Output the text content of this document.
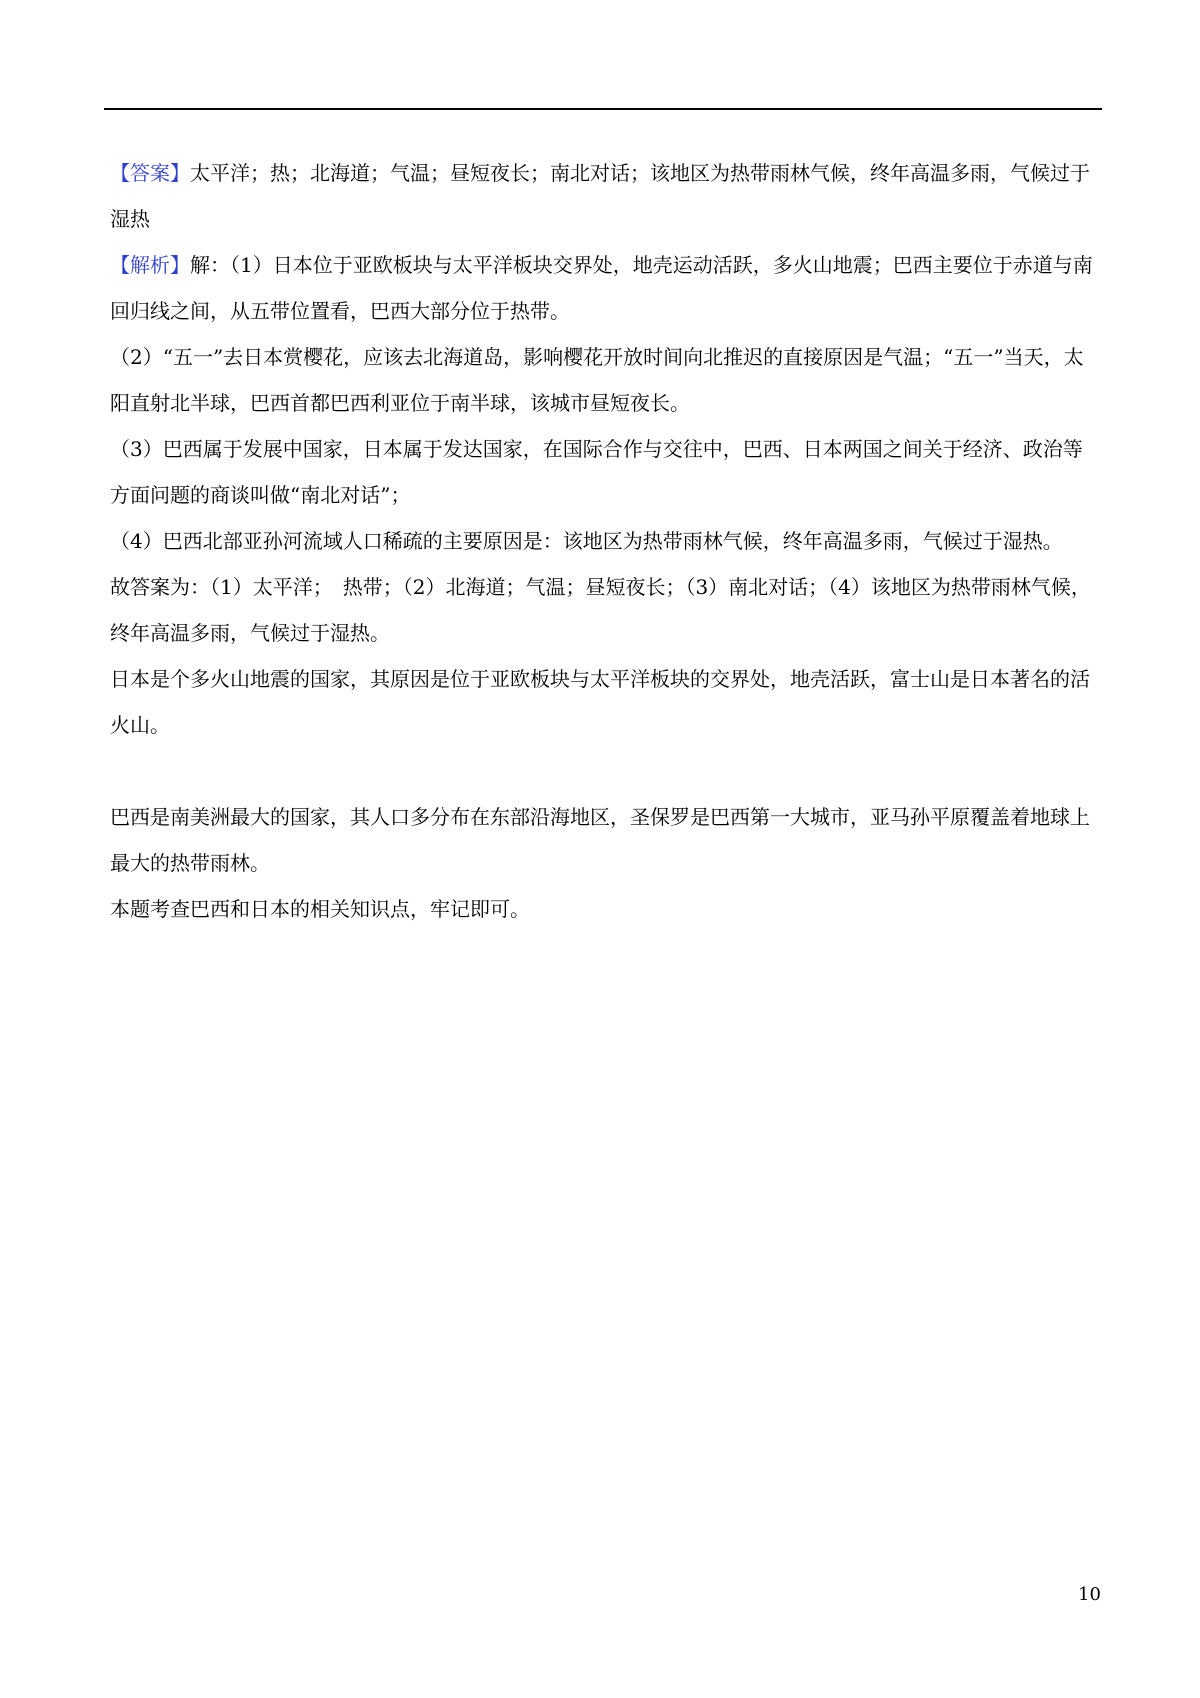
【答案】太平洋；热；北海道；气温；昼短夜长；南北对话；该地区为热带雨林气候，终年高温多雨，气候过于湿热

【解析】解：（1）日本位于亚欧板块与太平洋板块交界处，地壳运动活跃，多火山地震；巴西主要位于赤道与南回归线之间，从五带位置看，巴西大部分位于热带。

（2）“五一”去日本赏樱花，应该去北海道岛，影响樱花开放时间向北推迟的直接原因是气温；“五一”当天，太阳直射北半球，巴西首都巴西利亚位于南半球，该城市昼短夜长。

（3）巴西属于发展中国家，日本属于发达国家，在国际合作与交往中，巴西、日本两国之间关于经济、政治等方面问题的商谈叫做“南北对话”；

（4）巴西北部亚孙河流域人口稀疏的主要原因是：该地区为热带雨林气候，终年高温多雨，气候过于湿热。

故答案为：（1）太平洋；　热带；（2）北海道；气温；昼短夜长；（3）南北对话；（4）该地区为热带雨林气候，终年高温多雨，气候过于湿热。

日本是个多火山地震的国家，其原因是位于亚欧板块与太平洋板块的交界处，地壳活跃，富士山是日本著名的活火山。

巴西是南美洲最大的国家，其人口多分布在东部沿海地区，圣保罗是巴西第一大城市，亚马孙平原覆盖着地球上最大的热带雨林。

本题考查巴西和日本的相关知识点，牢记即可。

10
